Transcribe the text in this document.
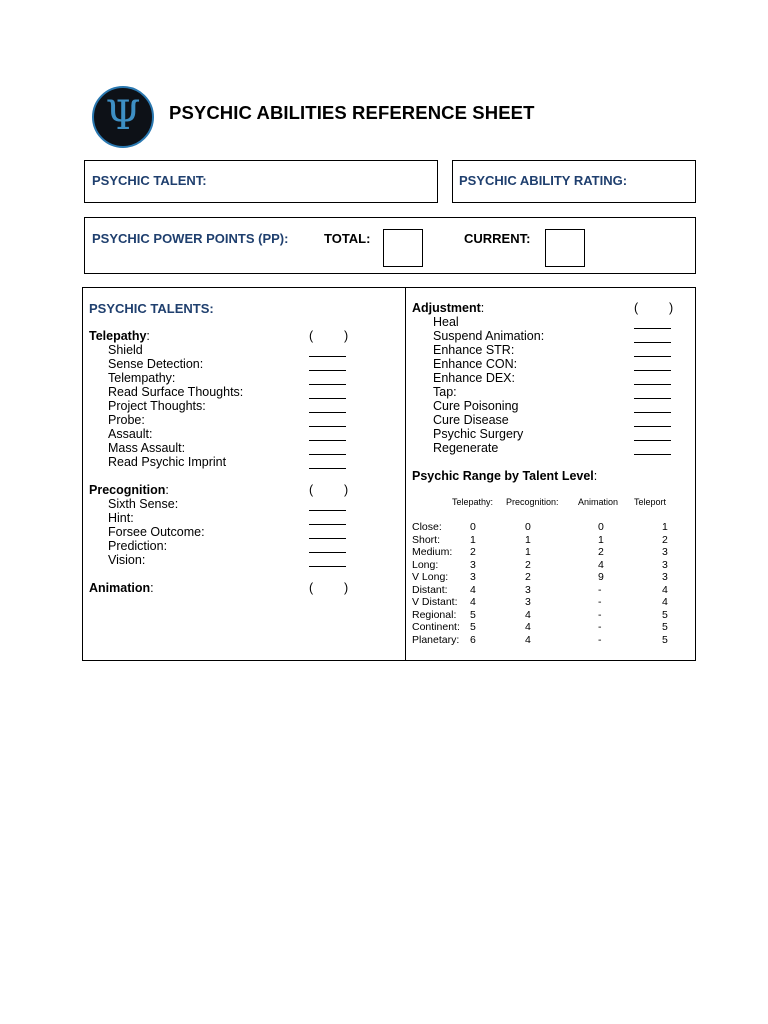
Ψ PSYCHIC ABILITIES REFERENCE SHEET
PSYCHIC TALENT:	PSYCHIC ABILITY RATING:
PSYCHIC POWER POINTS (PP):	TOTAL:	CURRENT:
PSYCHIC TALENTS:
Telepathy:	( )
Shield
Sense Detection:
Telempathy:
Read Surface Thoughts:
Project Thoughts:
Probe:
Assault:
Mass Assault:
Read Psychic Imprint
Precognition:	( )
Sixth Sense:
Hint:
Forsee Outcome:
Prediction:
Vision:
Animation:	( )
Adjustment:	( )
Heal
Suspend Animation:
Enhance STR:
Enhance CON:
Enhance DEX:
Tap:
Cure Poisoning
Cure Disease
Psychic Surgery
Regenerate
Psychic Range by Talent Level:
Telepathy: Precognition: Animation Teleport
Close:	0	0	0	1
Short:	1	1	1	2
Medium: 2	1	2	3
Long:	3	2	4	3
V Long: 3	2	9	3
Distant: 4	3	-	4
V Distant: 4	3	-	4
Regional: 5	4	-	5
Continent: 5	4	-	5
Planetary: 6	4	-	5
